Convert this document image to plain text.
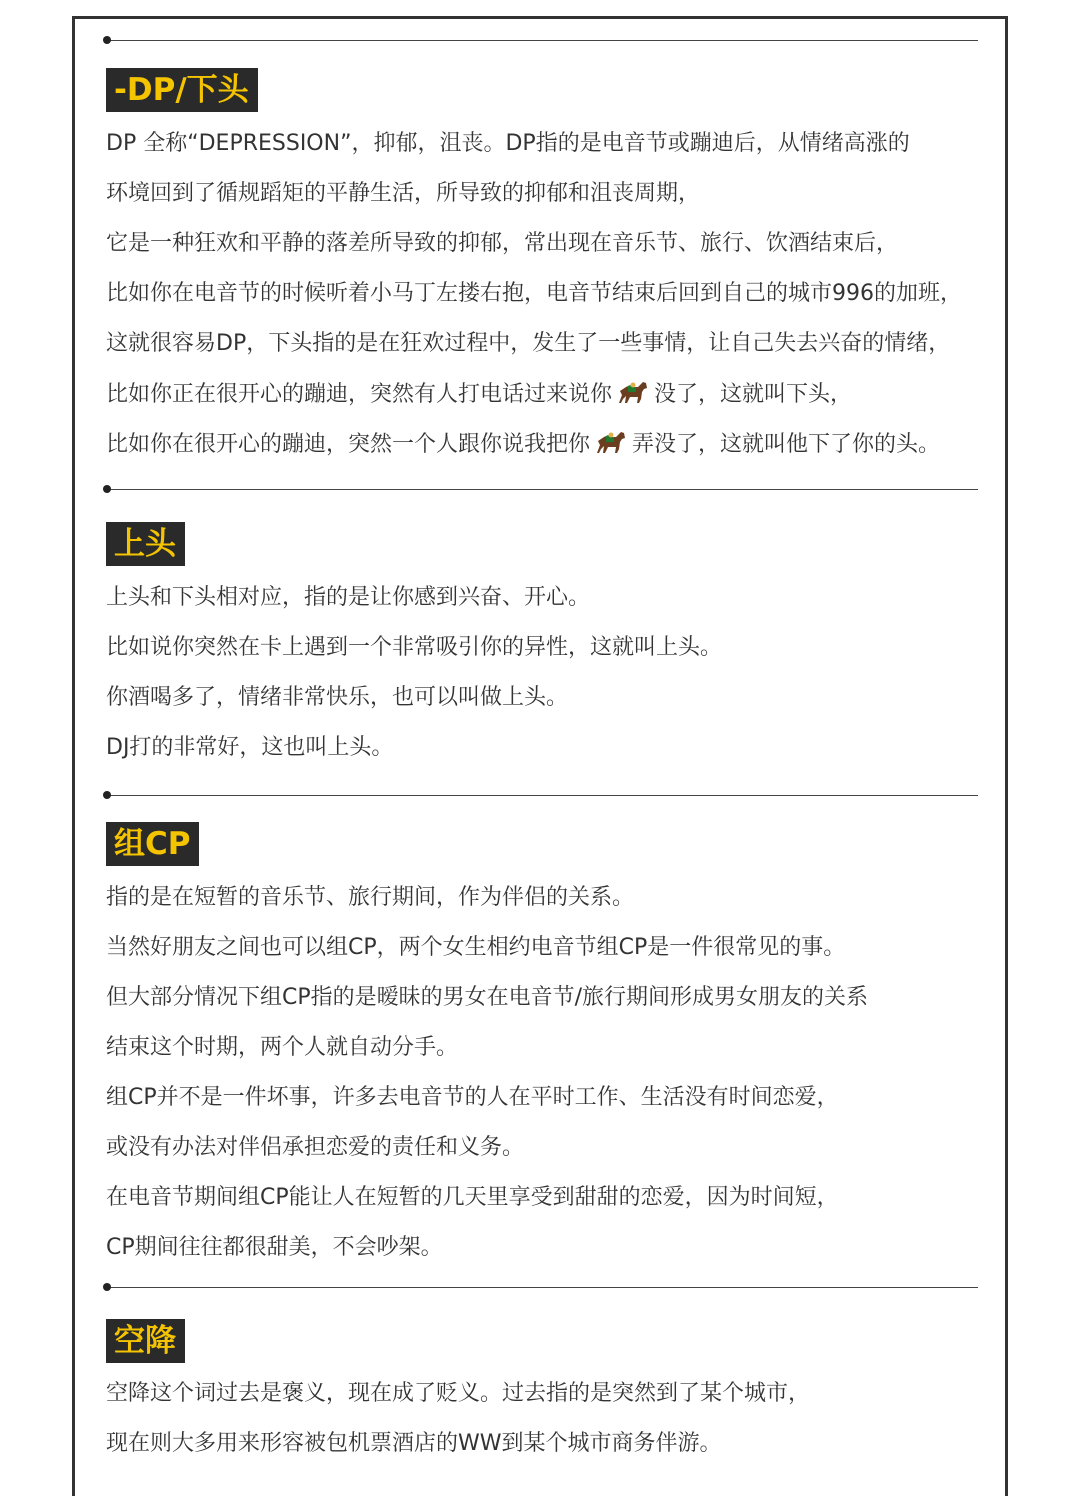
-DP/下头
DP 全称“DEPRESSION”，抑郁，沮丧。DP指的是电音节或蹦迪后，从情绪高涨的
环境回到了循规蹈矩的平静生活，所导致的抑郁和沮丧周期，
它是一种狂欢和平静的落差所导致的抑郁，常出现在音乐节、旅行、饮酒结束后，
比如你在电音节的时候听着小马丁左搂右抱，电音节结束后回到自己的城市996的加班，
这就很容易DP，下头指的是在狂欢过程中，发生了一些事情，让自己失去兴奋的情绪，
比如你正在很开心的蹦迪，突然有人打电话过来说你 没了，这就叫下头，
比如你在很开心的蹦迪，突然一个人跟你说我把你 弄没了，这就叫他下了你的头。
上头
上头和下头相对应，指的是让你感到兴奋、开心。
比如说你突然在卡上遇到一个非常吸引你的异性，这就叫上头。
你酒喝多了，情绪非常快乐，也可以叫做上头。
DJ打的非常好，这也叫上头。
组CP
指的是在短暂的音乐节、旅行期间，作为伴侣的关系。
当然好朋友之间也可以组CP，两个女生相约电音节组CP是一件很常见的事。
但大部分情况下组CP指的是暧昧的男女在电音节/旅行期间形成男女朋友的关系
结束这个时期，两个人就自动分手。
组CP并不是一件坏事，许多去电音节的人在平时工作、生活没有时间恋爱，
或没有办法对伴侣承担恋爱的责任和义务。
在电音节期间组CP能让人在短暂的几天里享受到甜甜的恋爱，因为时间短，
CP期间往往都很甜美，不会吵架。
空降
空降这个词过去是褒义，现在成了贬义。过去指的是突然到了某个城市，
现在则大多用来形容被包机票酒店的WW到某个城市商务伴游。
